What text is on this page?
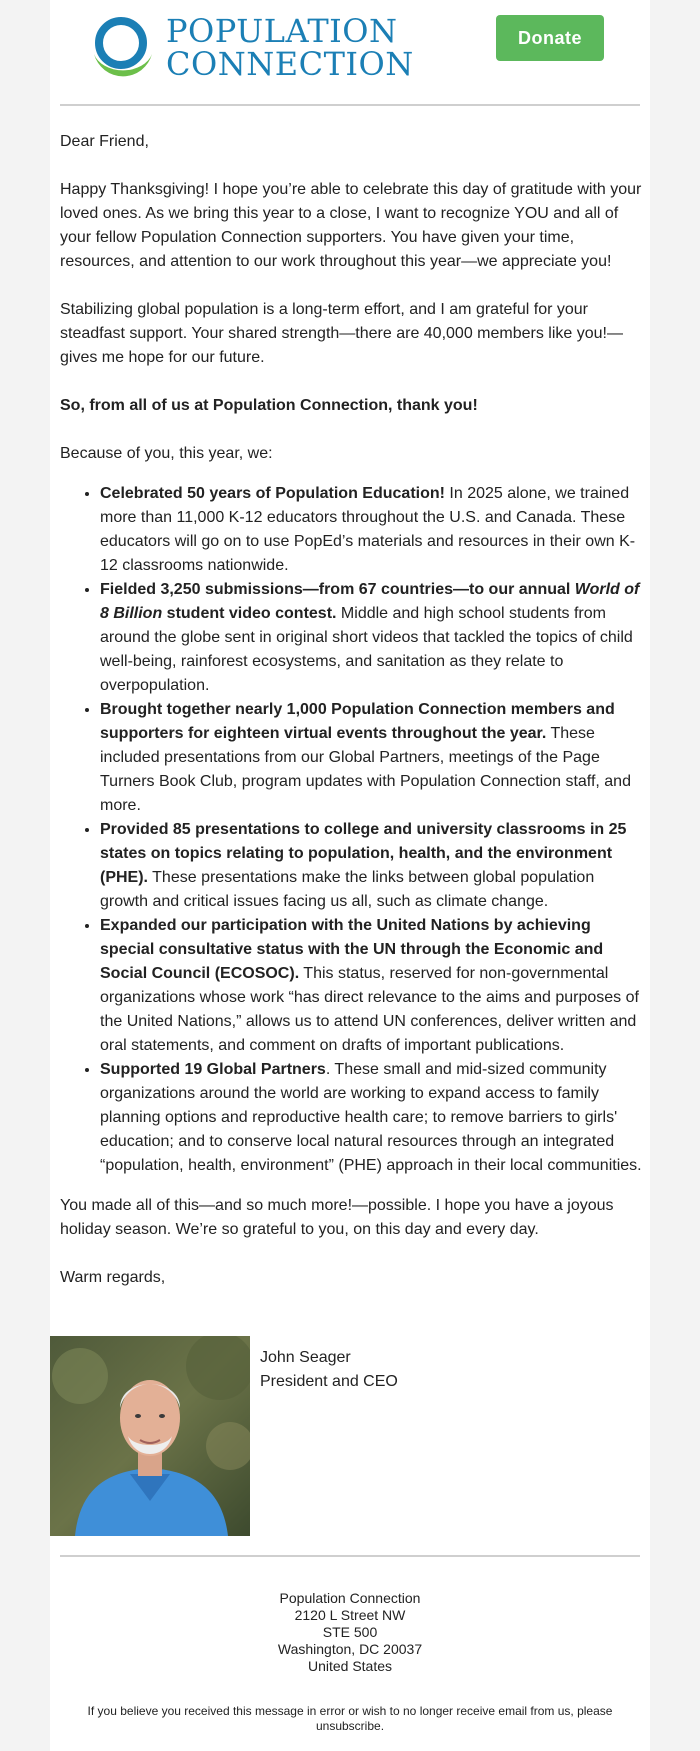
POPULATION
CONNECTION
Donate

Dear Friend,

Happy Thanksgiving! I hope you’re able to celebrate this day of gratitude with your loved ones. As we bring this year to a close, I want to recognize YOU and all of your fellow Population Connection supporters. You have given your time, resources, and attention to our work throughout this year—we appreciate you!

Stabilizing global population is a long-term effort, and I am grateful for your steadfast support. Your shared strength—there are 40,000 members like you!—gives me hope for our future.

So, from all of us at Population Connection, thank you!

Because of you, this year, we:

• Celebrated 50 years of Population Education! In 2025 alone, we trained more than 11,000 K-12 educators throughout the U.S. and Canada. These educators will go on to use PopEd’s materials and resources in their own K-12 classrooms nationwide.
• Fielded 3,250 submissions—from 67 countries—to our annual World of 8 Billion student video contest. Middle and high school students from around the globe sent in original short videos that tackled the topics of child well-being, rainforest ecosystems, and sanitation as they relate to overpopulation.
• Brought together nearly 1,000 Population Connection members and supporters for eighteen virtual events throughout the year. These included presentations from our Global Partners, meetings of the Page Turners Book Club, program updates with Population Connection staff, and more.
• Provided 85 presentations to college and university classrooms in 25 states on topics relating to population, health, and the environment (PHE). These presentations make the links between global population growth and critical issues facing us all, such as climate change.
• Expanded our participation with the United Nations by achieving special consultative status with the UN through the Economic and Social Council (ECOSOC). This status, reserved for non-governmental organizations whose work “has direct relevance to the aims and purposes of the United Nations,” allows us to attend UN conferences, deliver written and oral statements, and comment on drafts of important publications.
• Supported 19 Global Partners. These small and mid-sized community organizations around the world are working to expand access to family planning options and reproductive health care; to remove barriers to girls' education; and to conserve local natural resources through an integrated “population, health, environment” (PHE) approach in their local communities.

You made all of this—and so much more!—possible. I hope you have a joyous holiday season. We’re so grateful to you, on this day and every day.

Warm regards,

John Seager
President and CEO
Population Connection
2120 L Street NW
STE 500
Washington, DC 20037
United States
If you believe you received this message in error or wish to no longer receive email from us, please unsubscribe.
